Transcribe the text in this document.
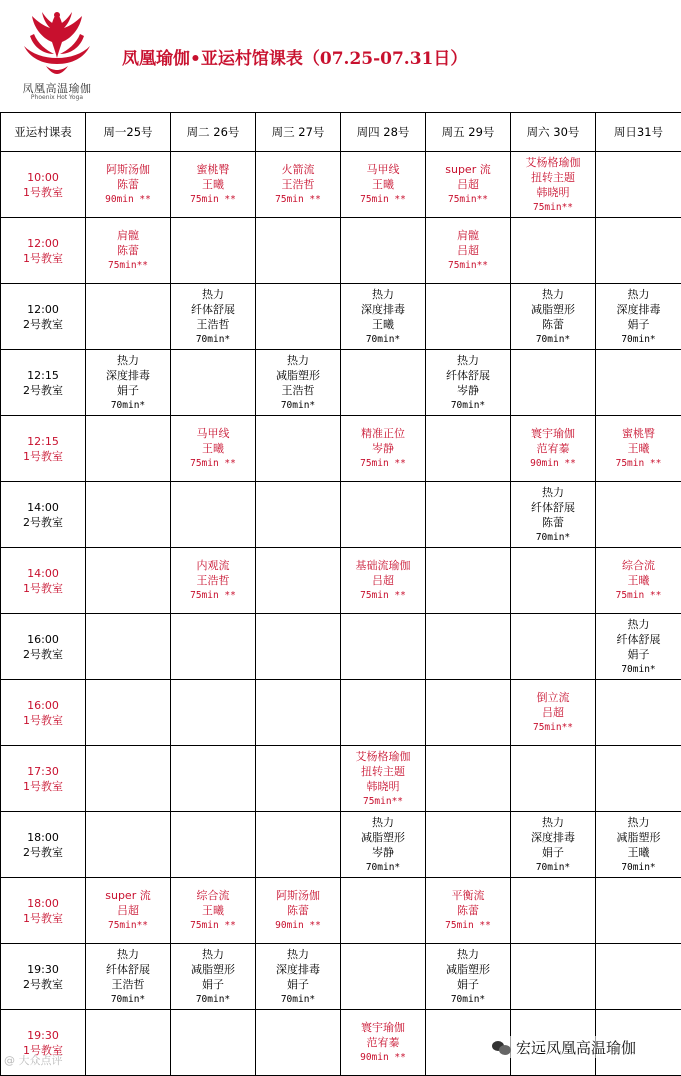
凤凰高温瑜伽
Phoenix Hot Yoga
凤凰瑜伽•亚运村馆课表（07.25-07.31日）
亚运村课表	周一25号	周二 26号	周三 27号	周四 28号	周五 29号	周六 30号	周日31号

10:00
1号教室	阿斯汤伽
陈蕾
90min **	蜜桃臀
王曦
75min **	火箭流
王浩哲
75min **	马甲线
王曦
75min **	super 流
吕超
75min**	艾杨格瑜伽
扭转主题
韩晓明
75min**	

12:00
1号教室	肩髋
陈蕾
75min**				肩髋
吕超
75min**		

12:00
2号教室		热力
纤体舒展
王浩哲
70min*		热力
深度排毒
王曦
70min*		热力
减脂塑形
陈蕾
70min*	热力
深度排毒
娟子
70min*

12:15
2号教室	热力
深度排毒
娟子
70min*		热力
减脂塑形
王浩哲
70min*		热力
纤体舒展
岑静
70min*		

12:15
1号教室		马甲线
王曦
75min **		精准正位
岑静
75min **		寰宇瑜伽
范宥蓁
90min **	蜜桃臀
王曦
75min **

14:00
2号教室						热力
纤体舒展
陈蕾
70min*	

14:00
1号教室		内观流
王浩哲
75min **		基础流瑜伽
吕超
75min **			综合流
王曦
75min **

16:00
2号教室							热力
纤体舒展
娟子
70min*

16:00
1号教室						倒立流
吕超
75min**	

17:30
1号教室				艾杨格瑜伽
扭转主题
韩晓明
75min**			

18:00
2号教室				热力
减脂塑形
岑静
70min*		热力
深度排毒
娟子
70min*	热力
减脂塑形
王曦
70min*

18:00
1号教室	super 流
吕超
75min**	综合流
王曦
75min **	阿斯汤伽
陈蕾
90min **		平衡流
陈蕾
75min **		

19:30
2号教室	热力
纤体舒展
王浩哲
70min*	热力
减脂塑形
娟子
70min*	热力
深度排毒
娟子
70min*		热力
减脂塑形
娟子
70min*		

19:30
1号教室				寰宇瑜伽
范宥蓁
90min **			

@ 大众点评
宏远凤凰高温瑜伽
